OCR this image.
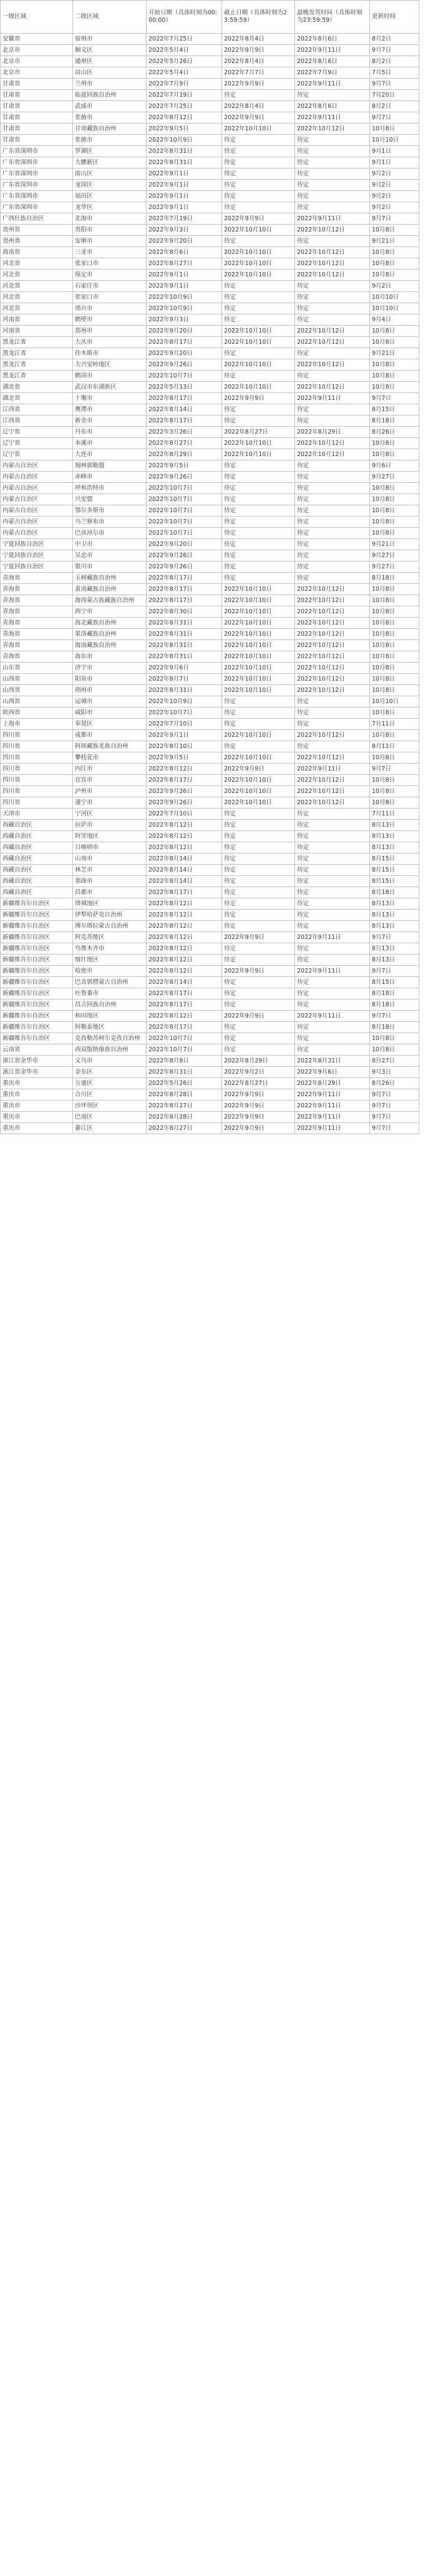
一级区域	二级区域	开始日期（具体时刻为00:00:00）	截止日期（具体时刻为23:59:59）	最晚发货时间（具体时刻为23:59:59）	更新时间
安徽省	宿州市	2022年7月25日	2022年8月4日	2022年8月6日	8月2日
北京市	顺义区	2022年5月4日	2022年9月9日	2022年9月11日	9月7日
北京市	通州区	2022年5月26日	2022年8月4日	2022年8月6日	8月2日
北京市	房山区	2022年5月4日	2022年7月7日	2022年7月9日	7月5日
甘肃省	兰州市	2022年7月9日	2022年9月9日	2022年9月11日	9月7日
甘肃省	临夏回族自治州	2022年7月19日	待定	待定	7月20日
甘肃省	武威市	2022年7月25日	2022年8月4日	2022年8月6日	8月2日
甘肃省	张掖市	2022年8月12日	2022年9月9日	2022年9月11日	9月7日
甘肃省	甘南藏族自治州	2022年9月5日	2022年10月10日	2022年10月12日	10月8日
甘肃省	张掖市	2022年10月9日	待定	待定	10月10日
广东省深圳市	罗湖区	2022年8月31日	待定	待定	9月1日
广东省深圳市	大鹏新区	2022年8月31日	待定	待定	9月1日
广东省深圳市	南山区	2022年9月1日	待定	待定	9月2日
广东省深圳市	龙岗区	2022年9月1日	待定	待定	9月2日
广东省深圳市	福田区	2022年9月1日	待定	待定	9月2日
广东省深圳市	龙华区	2022年9月1日	待定	待定	9月2日
广西壮族自治区	北海市	2022年7月19日	2022年9月9日	2022年9月11日	9月7日
贵州省	贵阳市	2022年9月3日	2022年10月10日	2022年10月12日	10月8日
贵州省	安顺市	2022年9月20日	待定	待定	9月21日
海南省	三亚市	2022年8月6日	2022年10月10日	2022年10月12日	10月8日
河北省	张家口市	2022年8月27日	2022年10月10日	2022年10月12日	10月8日
河北省	保定市	2022年9月1日	2022年10月10日	2022年10月12日	10月8日
河北省	石家庄市	2022年9月1日	待定	待定	9月2日
河北省	张家口市	2022年10月9日	待定	待定	10月10日
河北省	邢台市	2022年10月9日	待定	待定	10月10日
河南省	鹤壁市	2022年9月3日	待定	待定	9月4日
河南省	郑州市	2022年9月20日	2022年10月10日	2022年10月12日	10月8日
黑龙江省	大庆市	2022年8月17日	2022年10月10日	2022年10月12日	10月8日
黑龙江省	佳木斯市	2022年9月20日	待定	待定	9月21日
黑龙江省	大兴安岭地区	2022年9月26日	2022年10月10日	2022年10月12日	10月8日
黑龙江省	鹤岗市	2022年10月7日	待定	待定	10月8日
湖北省	武汉市东湖新区	2022年5月13日	2022年10月10日	2022年10月12日	10月8日
湖北省	十堰市	2022年8月17日	2022年9月9日	2022年9月11日	9月7日
江西省	鹰潭市	2022年8月14日	待定	待定	8月15日
江西省	新余市	2022年8月17日	待定	待定	8月18日
辽宁省	丹东市	2022年3月26日	2022年8月27日	2022年8月29日	8月26日
辽宁省	本溪市	2022年8月27日	2022年10月10日	2022年10月12日	10月8日
辽宁省	大连市	2022年8月29日	2022年10月10日	2022年10月12日	10月8日
内蒙古自治区	锡林郭勒盟	2022年9月5日	待定	待定	9月6日
内蒙古自治区	赤峰市	2022年9月26日	待定	待定	9月27日
内蒙古自治区	呼和浩特市	2022年10月7日	待定	待定	10月8日
内蒙古自治区	兴安盟	2022年10月7日	待定	待定	10月8日
内蒙古自治区	鄂尔多斯市	2022年10月7日	待定	待定	10月8日
内蒙古自治区	乌兰察布市	2022年10月7日	待定	待定	10月8日
内蒙古自治区	巴彦淖尔市	2022年10月7日	待定	待定	10月8日
宁夏回族自治区	中卫市	2022年9月20日	待定	待定	9月21日
宁夏回族自治区	吴忠市	2022年9月26日	待定	待定	9月27日
宁夏回族自治区	银川市	2022年9月26日	待定	待定	9月27日
青海省	玉树藏族自治州	2022年8月17日	待定	待定	8月18日
青海省	黄南藏族自治州	2022年8月17日	2022年10月10日	2022年10月12日	10月8日
青海省	海西蒙古族藏族自治州	2022年8月17日	2022年10月10日	2022年10月12日	10月8日
青海省	西宁市	2022年8月30日	2022年10月10日	2022年10月12日	10月8日
青海省	海北藏族自治州	2022年8月31日	2022年10月10日	2022年10月12日	10月8日
青海省	果洛藏族自治州	2022年8月31日	2022年10月10日	2022年10月12日	10月8日
青海省	海南藏族自治州	2022年8月31日	2022年10月10日	2022年10月12日	10月8日
青海省	海东市	2022年8月31日	2022年10月10日	2022年10月12日	10月8日
山东省	济宁市	2022年9月6日	2022年10月10日	2022年10月12日	10月8日
山西省	阳泉市	2022年8月7日	2022年10月10日	2022年10月12日	10月8日
山西省	朔州市	2022年8月31日	2022年10月10日	2022年10月12日	10月8日
山西省	运城市	2022年10月9日	待定	待定	10月10日
陕西省	咸阳市	2022年10月7日	待定	待定	10月8日
上海市	奉贤区	2022年7月10日	待定	待定	7月11日
四川省	成都市	2022年9月1日	2022年10月10日	2022年10月12日	10月8日
四川省	阿坝藏族羌族自治州	2022年8月10日	待定	待定	8月11日
四川省	攀枝花市	2022年9月5日	2022年10月10日	2022年10月12日	10月8日
四川省	内江市	2022年8月12日	2022年9月9日	2022年9月11日	9月7日
四川省	宜宾市	2022年8月17日	2022年10月10日	2022年10月12日	10月8日
四川省	泸州市	2022年9月26日	2022年10月10日	2022年10月12日	10月8日
四川省	遂宁市	2022年9月26日	2022年10月10日	2022年10月12日	10月8日
天津市	宁河区	2022年7月10日	待定	待定	7月11日
西藏自治区	拉萨市	2022年8月12日	待定	待定	8月13日
西藏自治区	阿里地区	2022年8月12日	待定	待定	8月13日
西藏自治区	日喀则市	2022年8月12日	待定	待定	8月13日
西藏自治区	山南市	2022年8月14日	待定	待定	8月15日
西藏自治区	林芝市	2022年8月14日	待定	待定	8月15日
西藏自治区	那曲市	2022年8月14日	待定	待定	8月15日
西藏自治区	昌都市	2022年8月17日	待定	待定	8月18日
新疆维吾尔自治区	塔城地区	2022年8月12日	待定	待定	8月13日
新疆维吾尔自治区	伊犁哈萨克自治州	2022年8月12日	待定	待定	8月13日
新疆维吾尔自治区	博尔塔拉蒙古自治州	2022年8月12日	待定	待定	8月13日
新疆维吾尔自治区	阿克苏地区	2022年8月12日	2022年9月9日	2022年9月11日	9月7日
新疆维吾尔自治区	乌鲁木齐市	2022年8月12日	待定	待定	8月13日
新疆维吾尔自治区	喀什地区	2022年8月12日	待定	待定	8月13日
新疆维吾尔自治区	哈密市	2022年8月12日	2022年9月9日	2022年9月11日	9月7日
新疆维吾尔自治区	巴音郭楞蒙古自治州	2022年8月14日	待定	待定	8月15日
新疆维吾尔自治区	吐鲁番市	2022年8月17日	待定	待定	8月18日
新疆维吾尔自治区	昌吉回族自治州	2022年8月17日	待定	待定	8月18日
新疆维吾尔自治区	和田地区	2022年8月12日	2022年9月9日	2022年9月11日	9月7日
新疆维吾尔自治区	阿勒泰地区	2022年8月17日	待定	待定	8月18日
新疆维吾尔自治区	克孜勒苏柯尔克孜自治州	2022年10月7日	待定	待定	10月8日
云南省	西双版纳傣族自治州	2022年10月7日	待定	待定	10月8日
浙江省金华市	义乌市	2022年8月8日	2022年8月29日	2022年8月31日	8月27日
浙江省金华市	金东区	2022年8月31日	2022年9月2日	2022年9月6日	9月3日
重庆市	万盛区	2022年5月26日	2022年8月27日	2022年8月29日	8月26日
重庆市	合川区	2022年8月28日	2022年9月9日	2022年9月11日	9月7日
重庆市	沙坪坝区	2022年8月27日	2022年9月9日	2022年9月11日	9月7日
重庆市	巴南区	2022年8月28日	2022年9月9日	2022年9月11日	9月7日
重庆市	綦江区	2022年8月27日	2022年9月9日	2022年9月11日	9月7日
